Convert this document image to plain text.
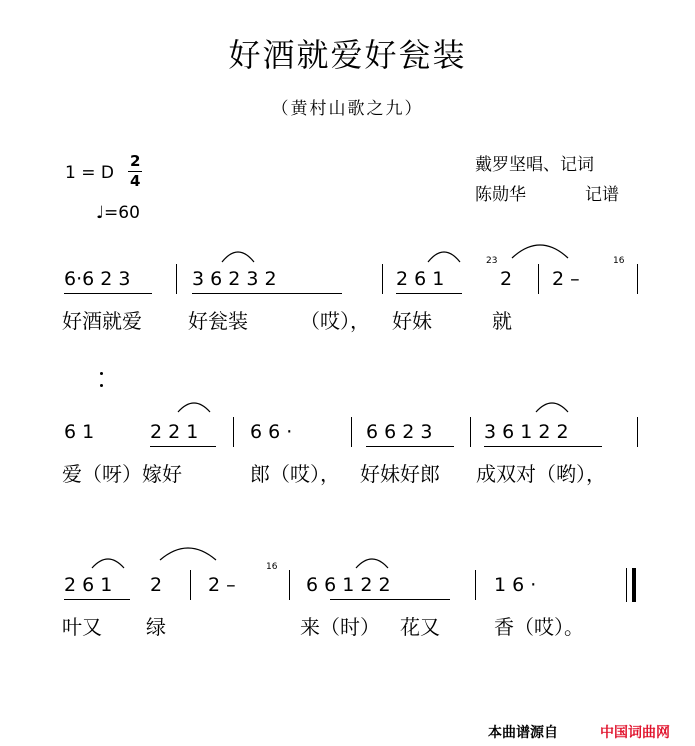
好酒就爱好瓮装
（黄村山歌之九）
1 = D
2
4
♩=60
戴罗坚唱、记词
陈勋华	记谱
6·6 2 3	3 6 2 3 2	2 6 1
23
2 2 –
16
好酒就爱 好瓮装	（哎）， 好妹	就
6 1	2 2 1	6 6 ·	6 6 2 3	3 6 1 2 2
爱（呀）嫁好	郎（哎）， 好妹好郎 成双对（哟），
2 6 1 2 2 –
16
6 6 1 2 2	1 6 ·
叶又 绿	来（时） 花又	香（哎）。
本曲谱源自	中国词曲网
